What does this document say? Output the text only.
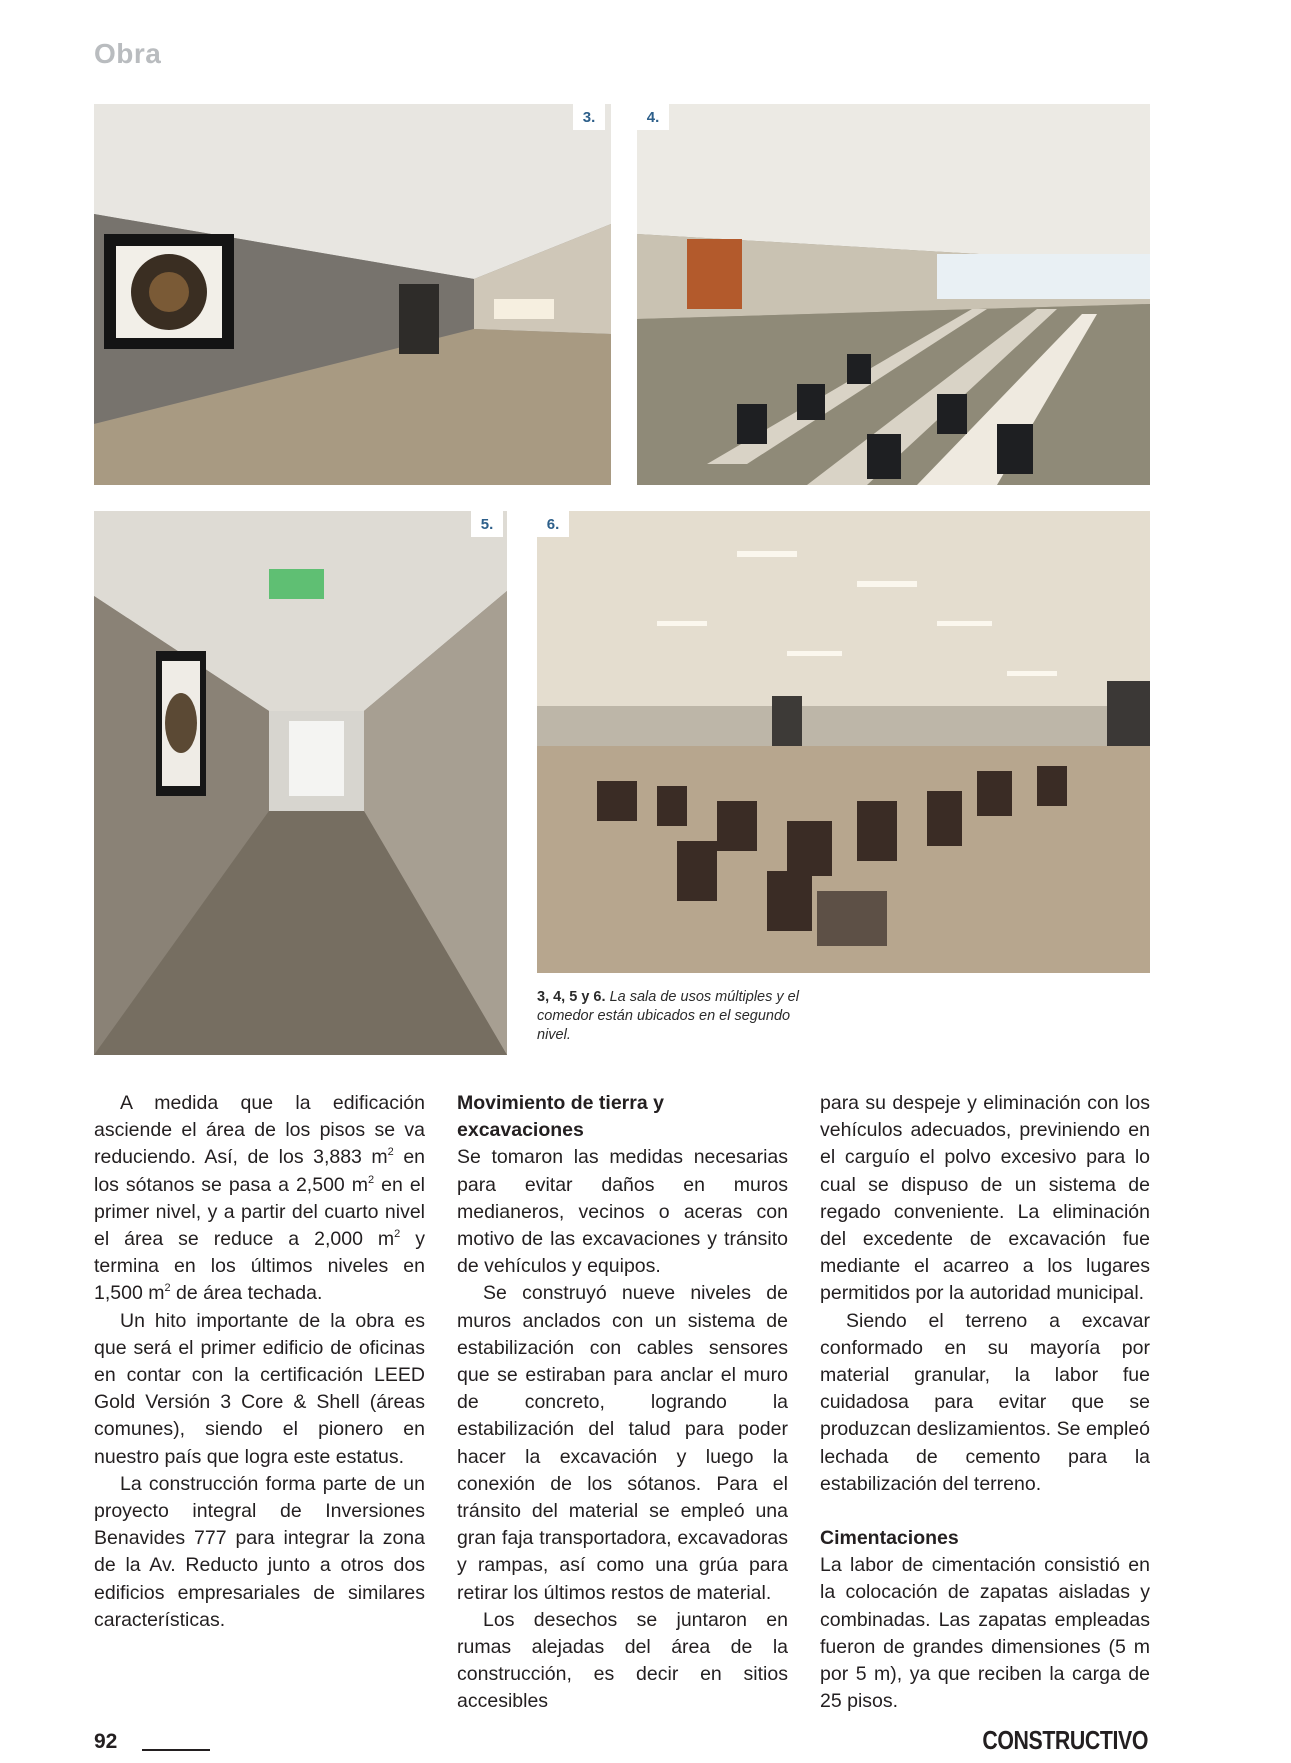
Obra
3.	4.
5.	6.
3, 4, 5 y 6. La sala de usos múltiples y el comedor están ubicados en el segundo nivel.

A medida que la edificación asciende el área de los pisos se va reduciendo. Así, de los 3,883 $m^2$ en los sótanos se pasa a 2,500 $m^2$ en el primer nivel, y a partir del cuarto nivel el área se reduce a 2,000 $m^2$ y termina en los últimos niveles en 1,500 $m^2$ de área techada.

Un hito importante de la obra es que será el primer edificio de oficinas en contar con la certificación LEED Gold Versión 3 Core & Shell (áreas comunes), siendo el pionero en nuestro país que logra este estatus.

La construcción forma parte de un proyecto integral de Inversiones Benavides 777 para integrar la zona de la Av. Reducto junto a otros dos edificios empresariales de similares características.

Movimiento de tierra y excavaciones

Se tomaron las medidas necesarias para evitar daños en muros medianeros, vecinos o aceras con motivo de las excavaciones y tránsito de vehículos y equipos.

Se construyó nueve niveles de muros anclados con un sistema de estabilización con cables sensores que se estiraban para anclar el muro de concreto, logrando la estabilización del talud para poder hacer la excavación y luego la conexión de los sótanos. Para el tránsito del material se empleó una gran faja transportadora, excavadoras y rampas, así como una grúa para retirar los últimos restos de material.

Los desechos se juntaron en rumas alejadas del área de la construcción, es decir en sitios accesibles

para su despeje y eliminación con los vehículos adecuados, previniendo en el carguío el polvo excesivo para lo cual se dispuso de un sistema de regado conveniente. La eliminación del excedente de excavación fue mediante el acarreo a los lugares permitidos por la autoridad municipal.

Siendo el terreno a excavar conformado en su mayoría por material granular, la labor fue cuidadosa para evitar que se produzcan deslizamientos. Se empleó lechada de cemento para la estabilización del terreno.

Cimentaciones

La labor de cimentación consistió en la colocación de zapatas aisladas y combinadas. Las zapatas empleadas fueron de grandes dimensiones (5 m por 5 m), ya que reciben la carga de 25 pisos.

92	CONSTRUCTIVO
